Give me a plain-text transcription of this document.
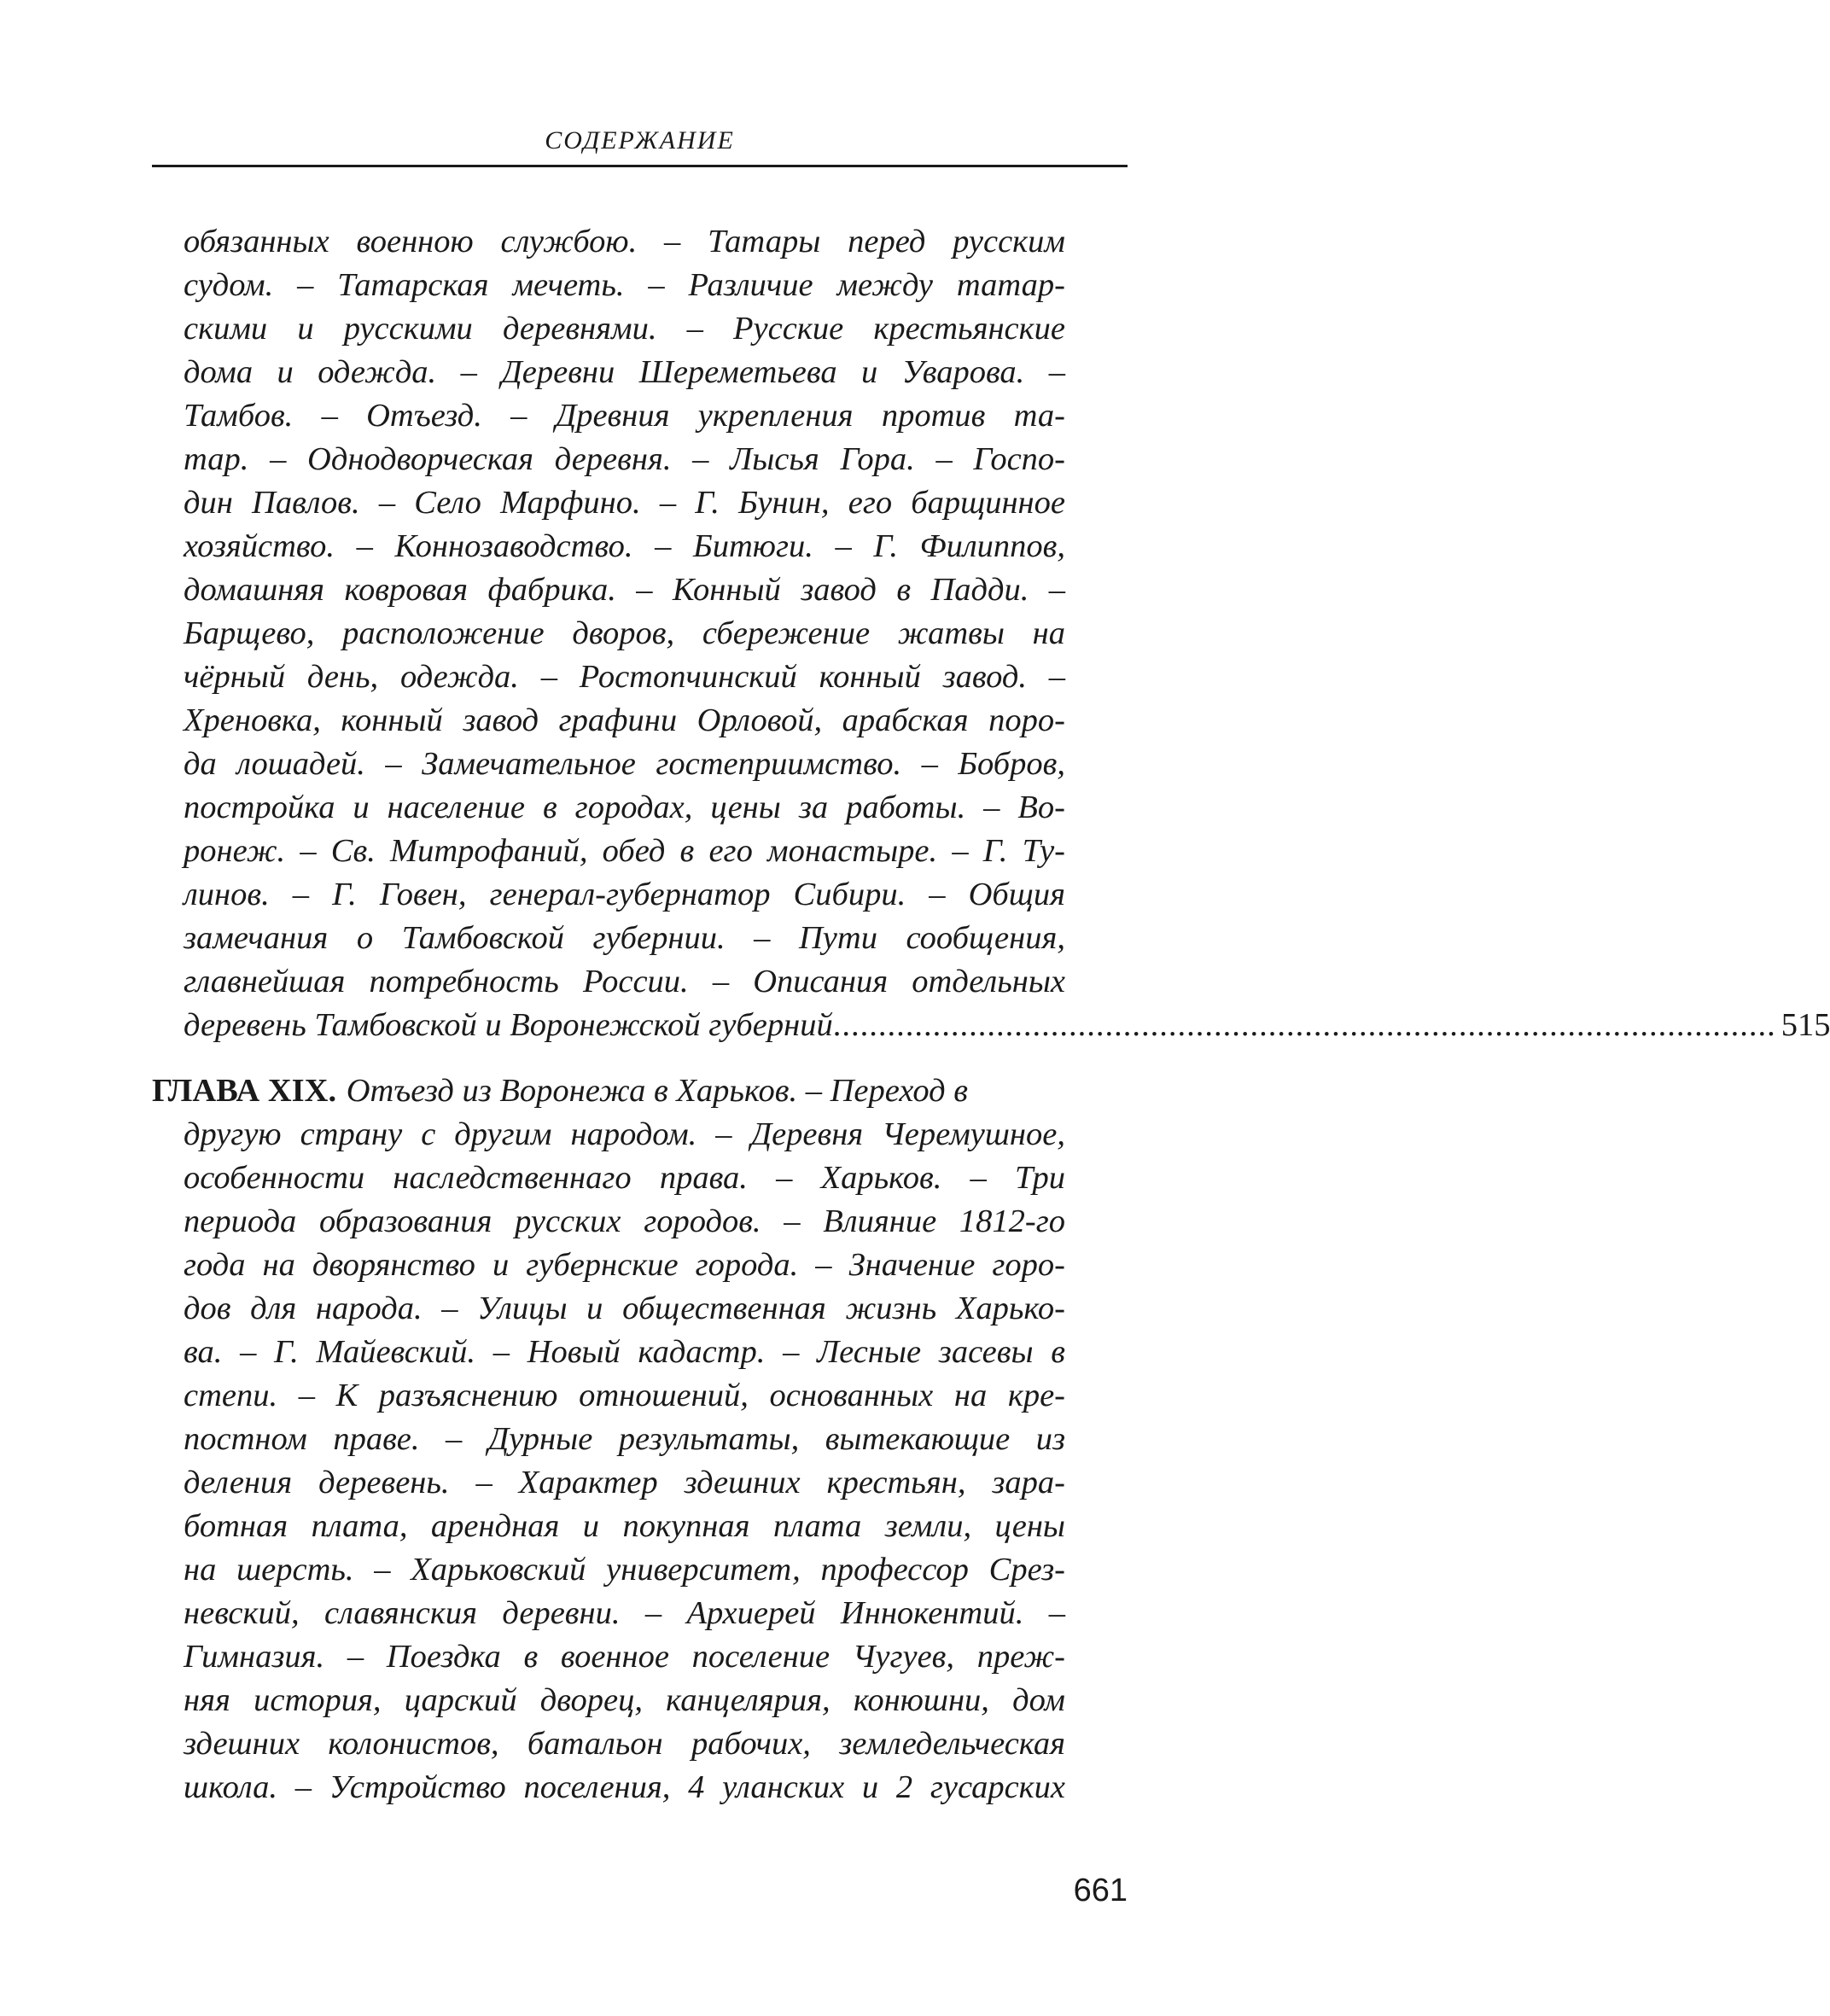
СОДЕРЖАНИЕ
обязанных военною службою. – Татары перед русским
судом. – Татарская мечеть. – Различие между татар-
скими и русскими деревнями. – Русские крестьянские
дома и одежда. – Деревни Шереметьева и Уварова. –
Тамбов. – Отъезд. – Древния укрепления против та-
тар. – Однодворческая деревня. – Лысья Гора. – Госпо-
дин Павлов. – Село Марфино. – Г. Бунин, его барщинное
хозяйство. – Коннозаводство. – Битюги. – Г. Филиппов,
домашняя ковровая фабрика. – Конный завод в Падди. –
Барщево, расположение дворов, сбережение жатвы на
чёрный день, одежда. – Ростопчинский конный завод. –
Хреновка, конный завод графини Орловой, арабская поро-
да лошадей. – Замечательное гостеприимство. – Бобров,
постройка и население в городах, цены за работы. – Во-
ронеж. – Св. Митрофаний, обед в его монастыре. – Г. Ту-
линов. – Г. Говен, генерал-губернатор Сибири. – Общия
замечания о Тамбовской губернии. – Пути сообщения,
главнейшая потребность России. – Описания отдельных
деревень Тамбовской и Воронежской губерний ........................................................................................................ 515
ГЛАВА XIX. Отъезд из Воронежа в Харьков. – Переход в
другую страну с другим народом. – Деревня Черемушное,
особенности наследственнаго права. – Харьков. – Три
периода образования русских городов. – Влияние 1812-го
года на дворянство и губернские города. – Значение горо-
дов для народа. – Улицы и общественная жизнь Харько-
ва. – Г. Майевский. – Новый кадастр. – Лесные засевы в
степи. – К разъяснению отношений, основанных на кре-
постном праве. – Дурные результаты, вытекающие из
деления деревень. – Характер здешних крестьян, зара-
ботная плата, арендная и покупная плата земли, цены
на шерсть. – Харьковский университет, профессор Срез-
невский, славянския деревни. – Архиерей Иннокентий. –
Гимназия. – Поездка в военное поселение Чугуев, преж-
няя история, царский дворец, канцелярия, конюшни, дом
здешних колонистов, батальон рабочих, земледельческая
школа. – Устройство поселения, 4 уланских и 2 гусарских
661
